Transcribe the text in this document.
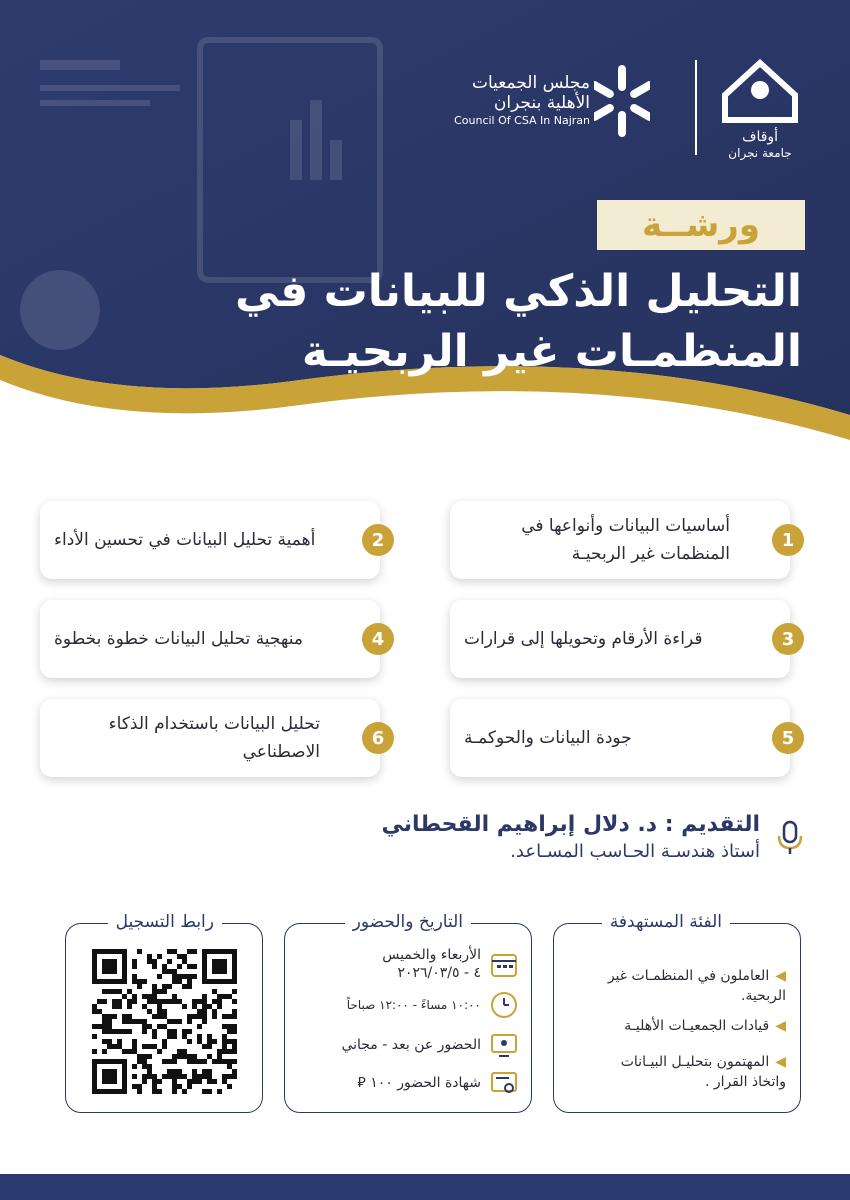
مجلس الجمعيات
الأهلية بنجران
Council Of CSA In Najran
أوقاف
جامعة نجران
ورشــة
التحليل الذكي للبيانات في
المنظمـات غير الربحيـة
أساسيات البيانات وأنواعها في المنظمات غير الربحيـة
1
أهمية تحليل البيانات في تحسين الأداء	2
قراءة الأرقام وتحويلها إلى قرارات	3
منهجية تحليل البيانات خطوة بخطوة	4
جودة البيانات والحوكمـة	5
تحليل البيانات باستخدام الذكاء الاصطناعي
6
التقديم : د. دلال إبراهيم القحطاني
أستاذ هندسـة الحـاسب المسـاعد.
الفئة المستهدفة
◀العاملون في المنظمـات غير الربحية.
◀قيادات الجمعيـات الأهليـة
◀المهتمون بتحليـل البيـانات واتخاذ القرار .
التاريخ والحضور
الأربعاء والخميس
٤ - ٢٠٢٦/٠٣/٥
١٠:٠٠ مساءً - ١٢:٠٠ صباحاً
الحضور عن بعد - مجاني
شهادة الحضور ١٠٠ ⃁
رابط التسجيل
